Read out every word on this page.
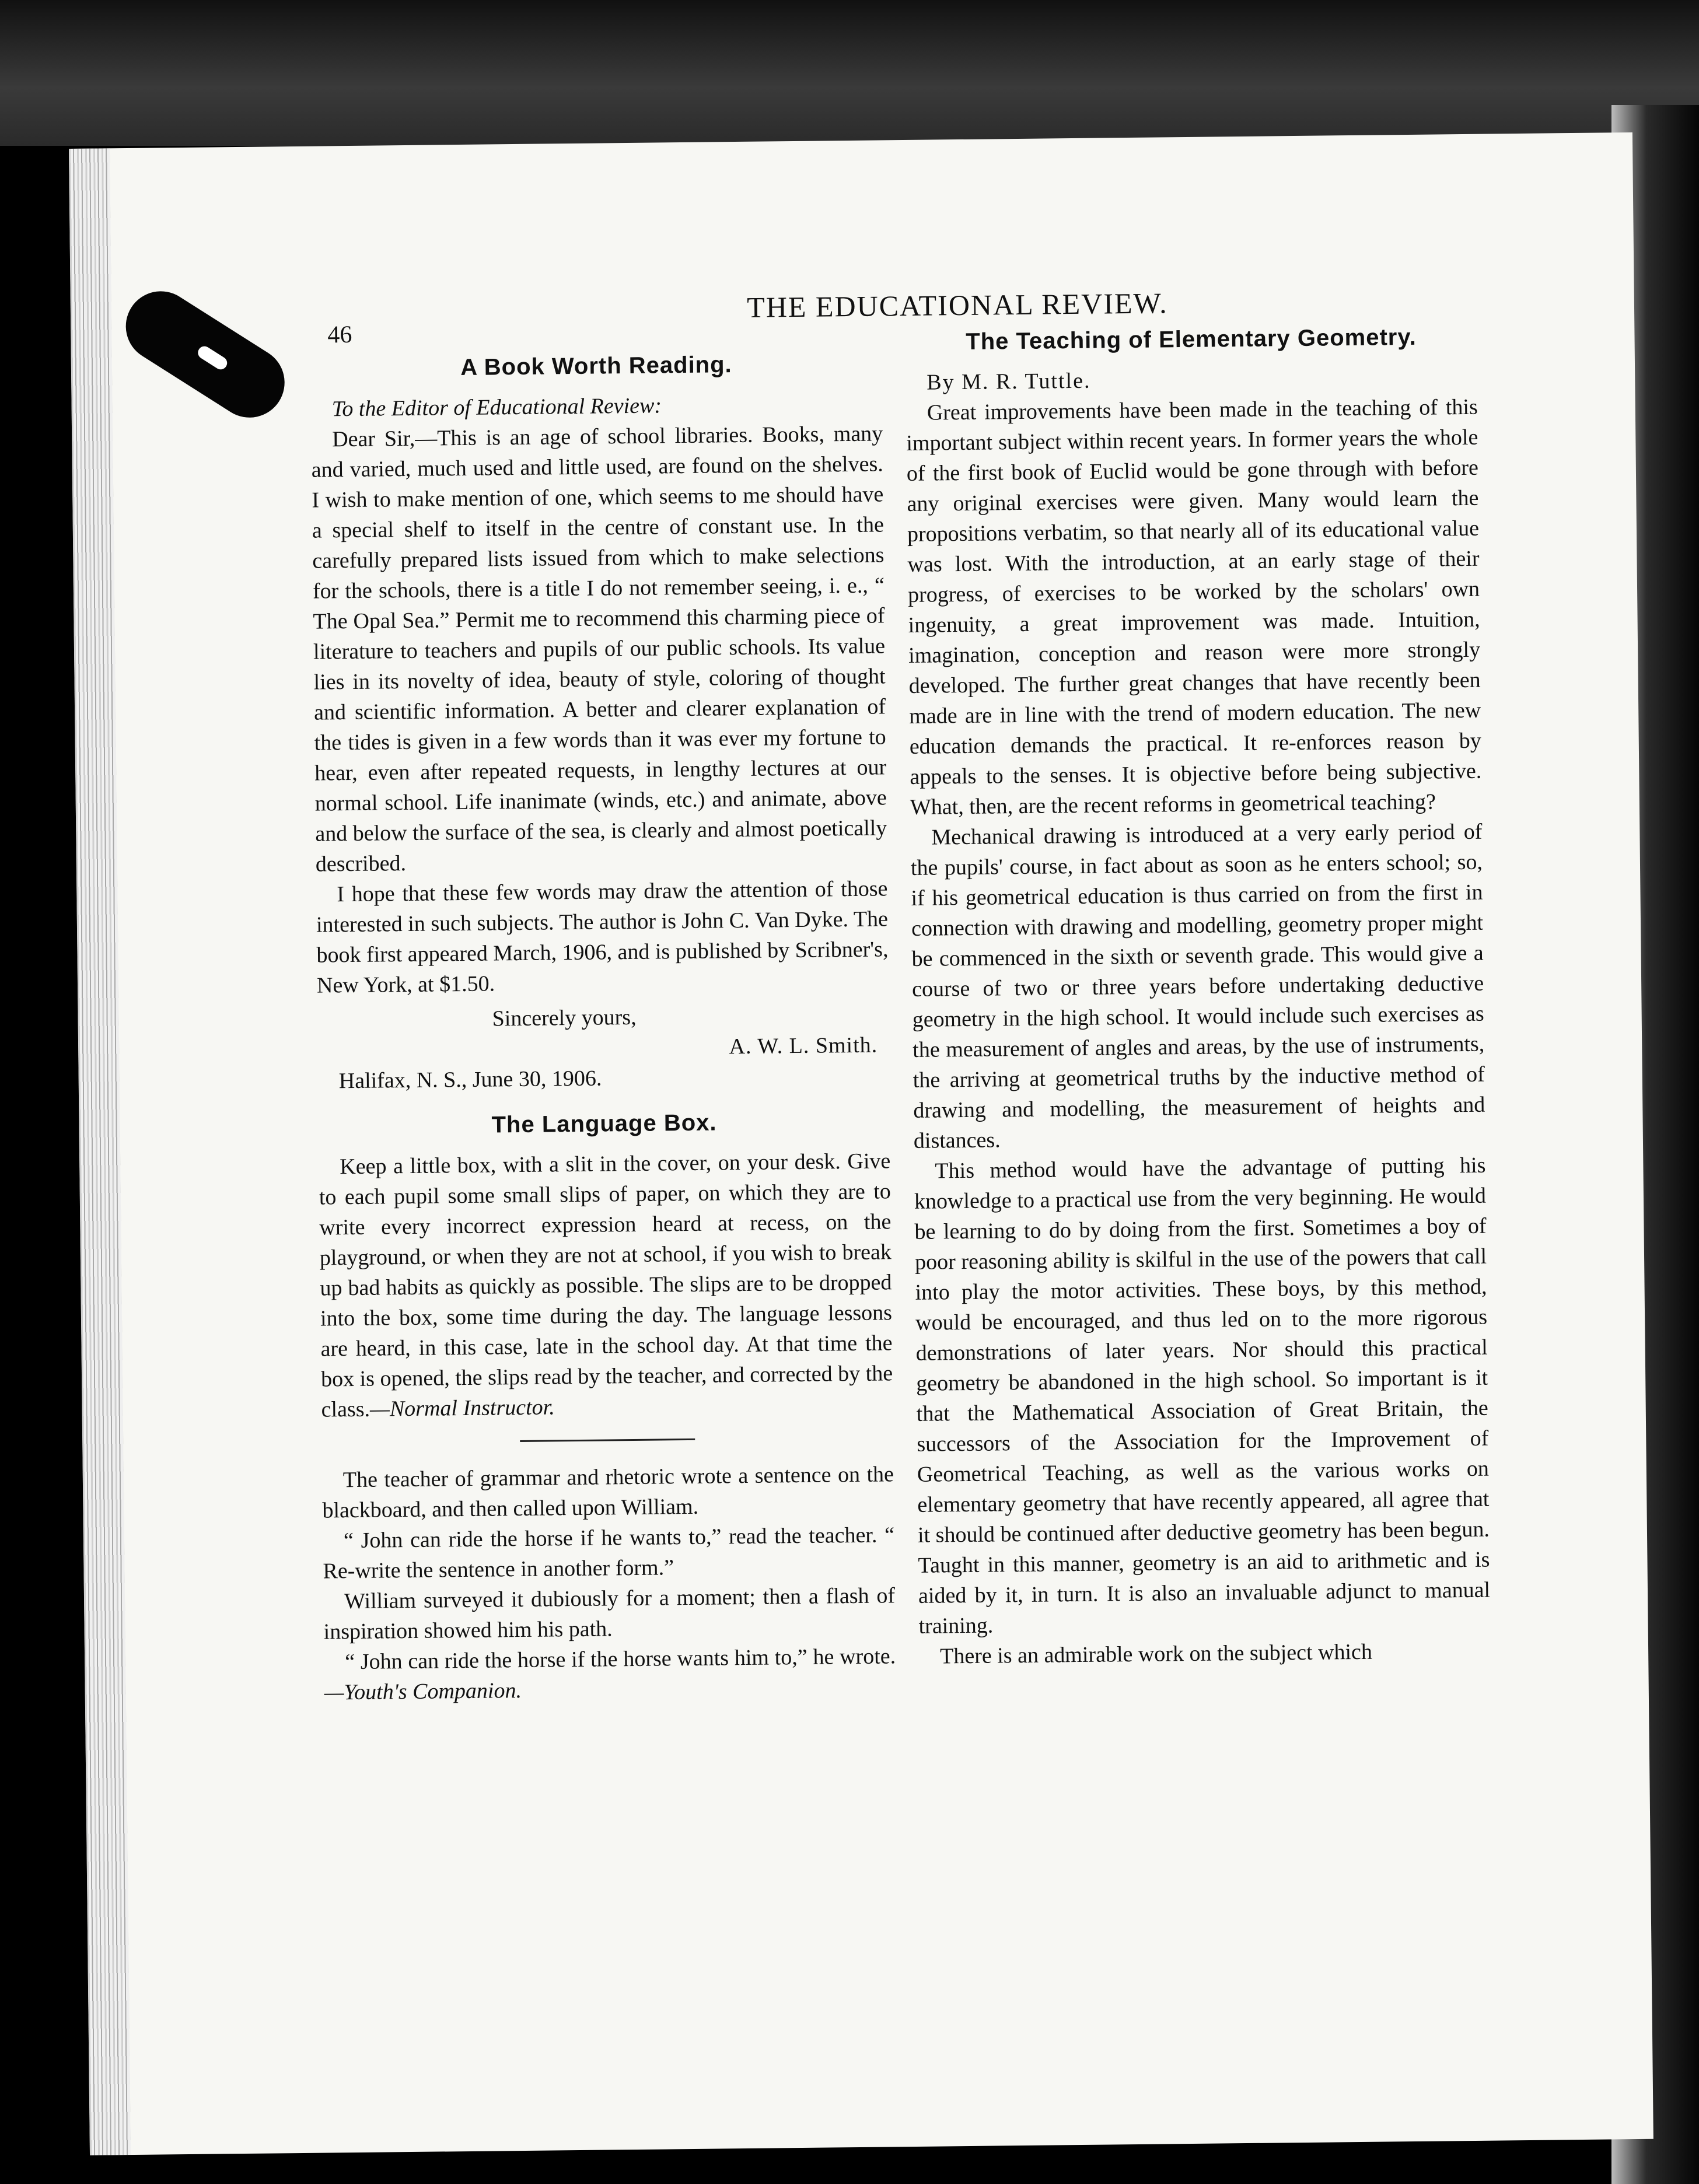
46
THE EDUCATIONAL REVIEW.
A Book Worth Reading.

To the Editor of Educational Review:

Dear Sir,—This is an age of school libraries. Books, many and varied, much used and little used, are found on the shelves. I wish to make mention of one, which seems to me should have a special shelf to itself in the centre of constant use. In the carefully prepared lists issued from which to make selections for the schools, there is a title I do not remember seeing, i. e., “ The Opal Sea.” Permit me to recommend this charming piece of literature to teachers and pupils of our public schools. Its value lies in its novelty of idea, beauty of style, coloring of thought and scientific information. A better and clearer explanation of the tides is given in a few words than it was ever my fortune to hear, even after repeated requests, in lengthy lectures at our normal school. Life inanimate (winds, etc.) and animate, above and below the surface of the sea, is clearly and almost poetically described.

I hope that these few words may draw the attention of those interested in such subjects. The author is John C. Van Dyke. The book first appeared March, 1906, and is published by Scribner's, New York, at $1.50.

Sincerely yours,
A. W. L. Smith.
Halifax, N. S., June 30, 1906.
The Language Box.

Keep a little box, with a slit in the cover, on your desk. Give to each pupil some small slips of paper, on which they are to write every incorrect expression heard at recess, on the playground, or when they are not at school, if you wish to break up bad habits as quickly as possible. The slips are to be dropped into the box, some time during the day. The language lessons are heard, in this case, late in the school day. At that time the box is opened, the slips read by the teacher, and corrected by the class.—Normal Instructor.

The teacher of grammar and rhetoric wrote a sentence on the blackboard, and then called upon William.

“ John can ride the horse if he wants to,” read the teacher. “ Re-write the sentence in another form.”

William surveyed it dubiously for a moment; then a flash of inspiration showed him his path.

“ John can ride the horse if the horse wants him to,” he wrote.—Youth's Companion.

The Teaching of Elementary Geometry.

By M. R. Tuttle.

Great improvements have been made in the teaching of this important subject within recent years. In former years the whole of the first book of Euclid would be gone through with before any original exercises were given. Many would learn the propositions verbatim, so that nearly all of its educational value was lost. With the introduction, at an early stage of their progress, of exercises to be worked by the scholars' own ingenuity, a great improvement was made. Intuition, imagination, conception and reason were more strongly developed. The further great changes that have recently been made are in line with the trend of modern education. The new education demands the practical. It re-enforces reason by appeals to the senses. It is objective before being subjective. What, then, are the recent reforms in geometrical teaching?

Mechanical drawing is introduced at a very early period of the pupils' course, in fact about as soon as he enters school; so, if his geometrical education is thus carried on from the first in connection with drawing and modelling, geometry proper might be commenced in the sixth or seventh grade. This would give a course of two or three years before undertaking deductive geometry in the high school. It would include such exercises as the measurement of angles and areas, by the use of instruments, the arriving at geometrical truths by the inductive method of drawing and modelling, the measurement of heights and distances.

This method would have the advantage of putting his knowledge to a practical use from the very beginning. He would be learning to do by doing from the first. Sometimes a boy of poor reasoning ability is skilful in the use of the powers that call into play the motor activities. These boys, by this method, would be encouraged, and thus led on to the more rigorous demonstrations of later years. Nor should this practical geometry be abandoned in the high school. So important is it that the Mathematical Association of Great Britain, the successors of the Association for the Improvement of Geometrical Teaching, as well as the various works on elementary geometry that have recently appeared, all agree that it should be continued after deductive geometry has been begun. Taught in this manner, geometry is an aid to arithmetic and is aided by it, in turn. It is also an invaluable adjunct to manual training.

There is an admirable work on the subject which
